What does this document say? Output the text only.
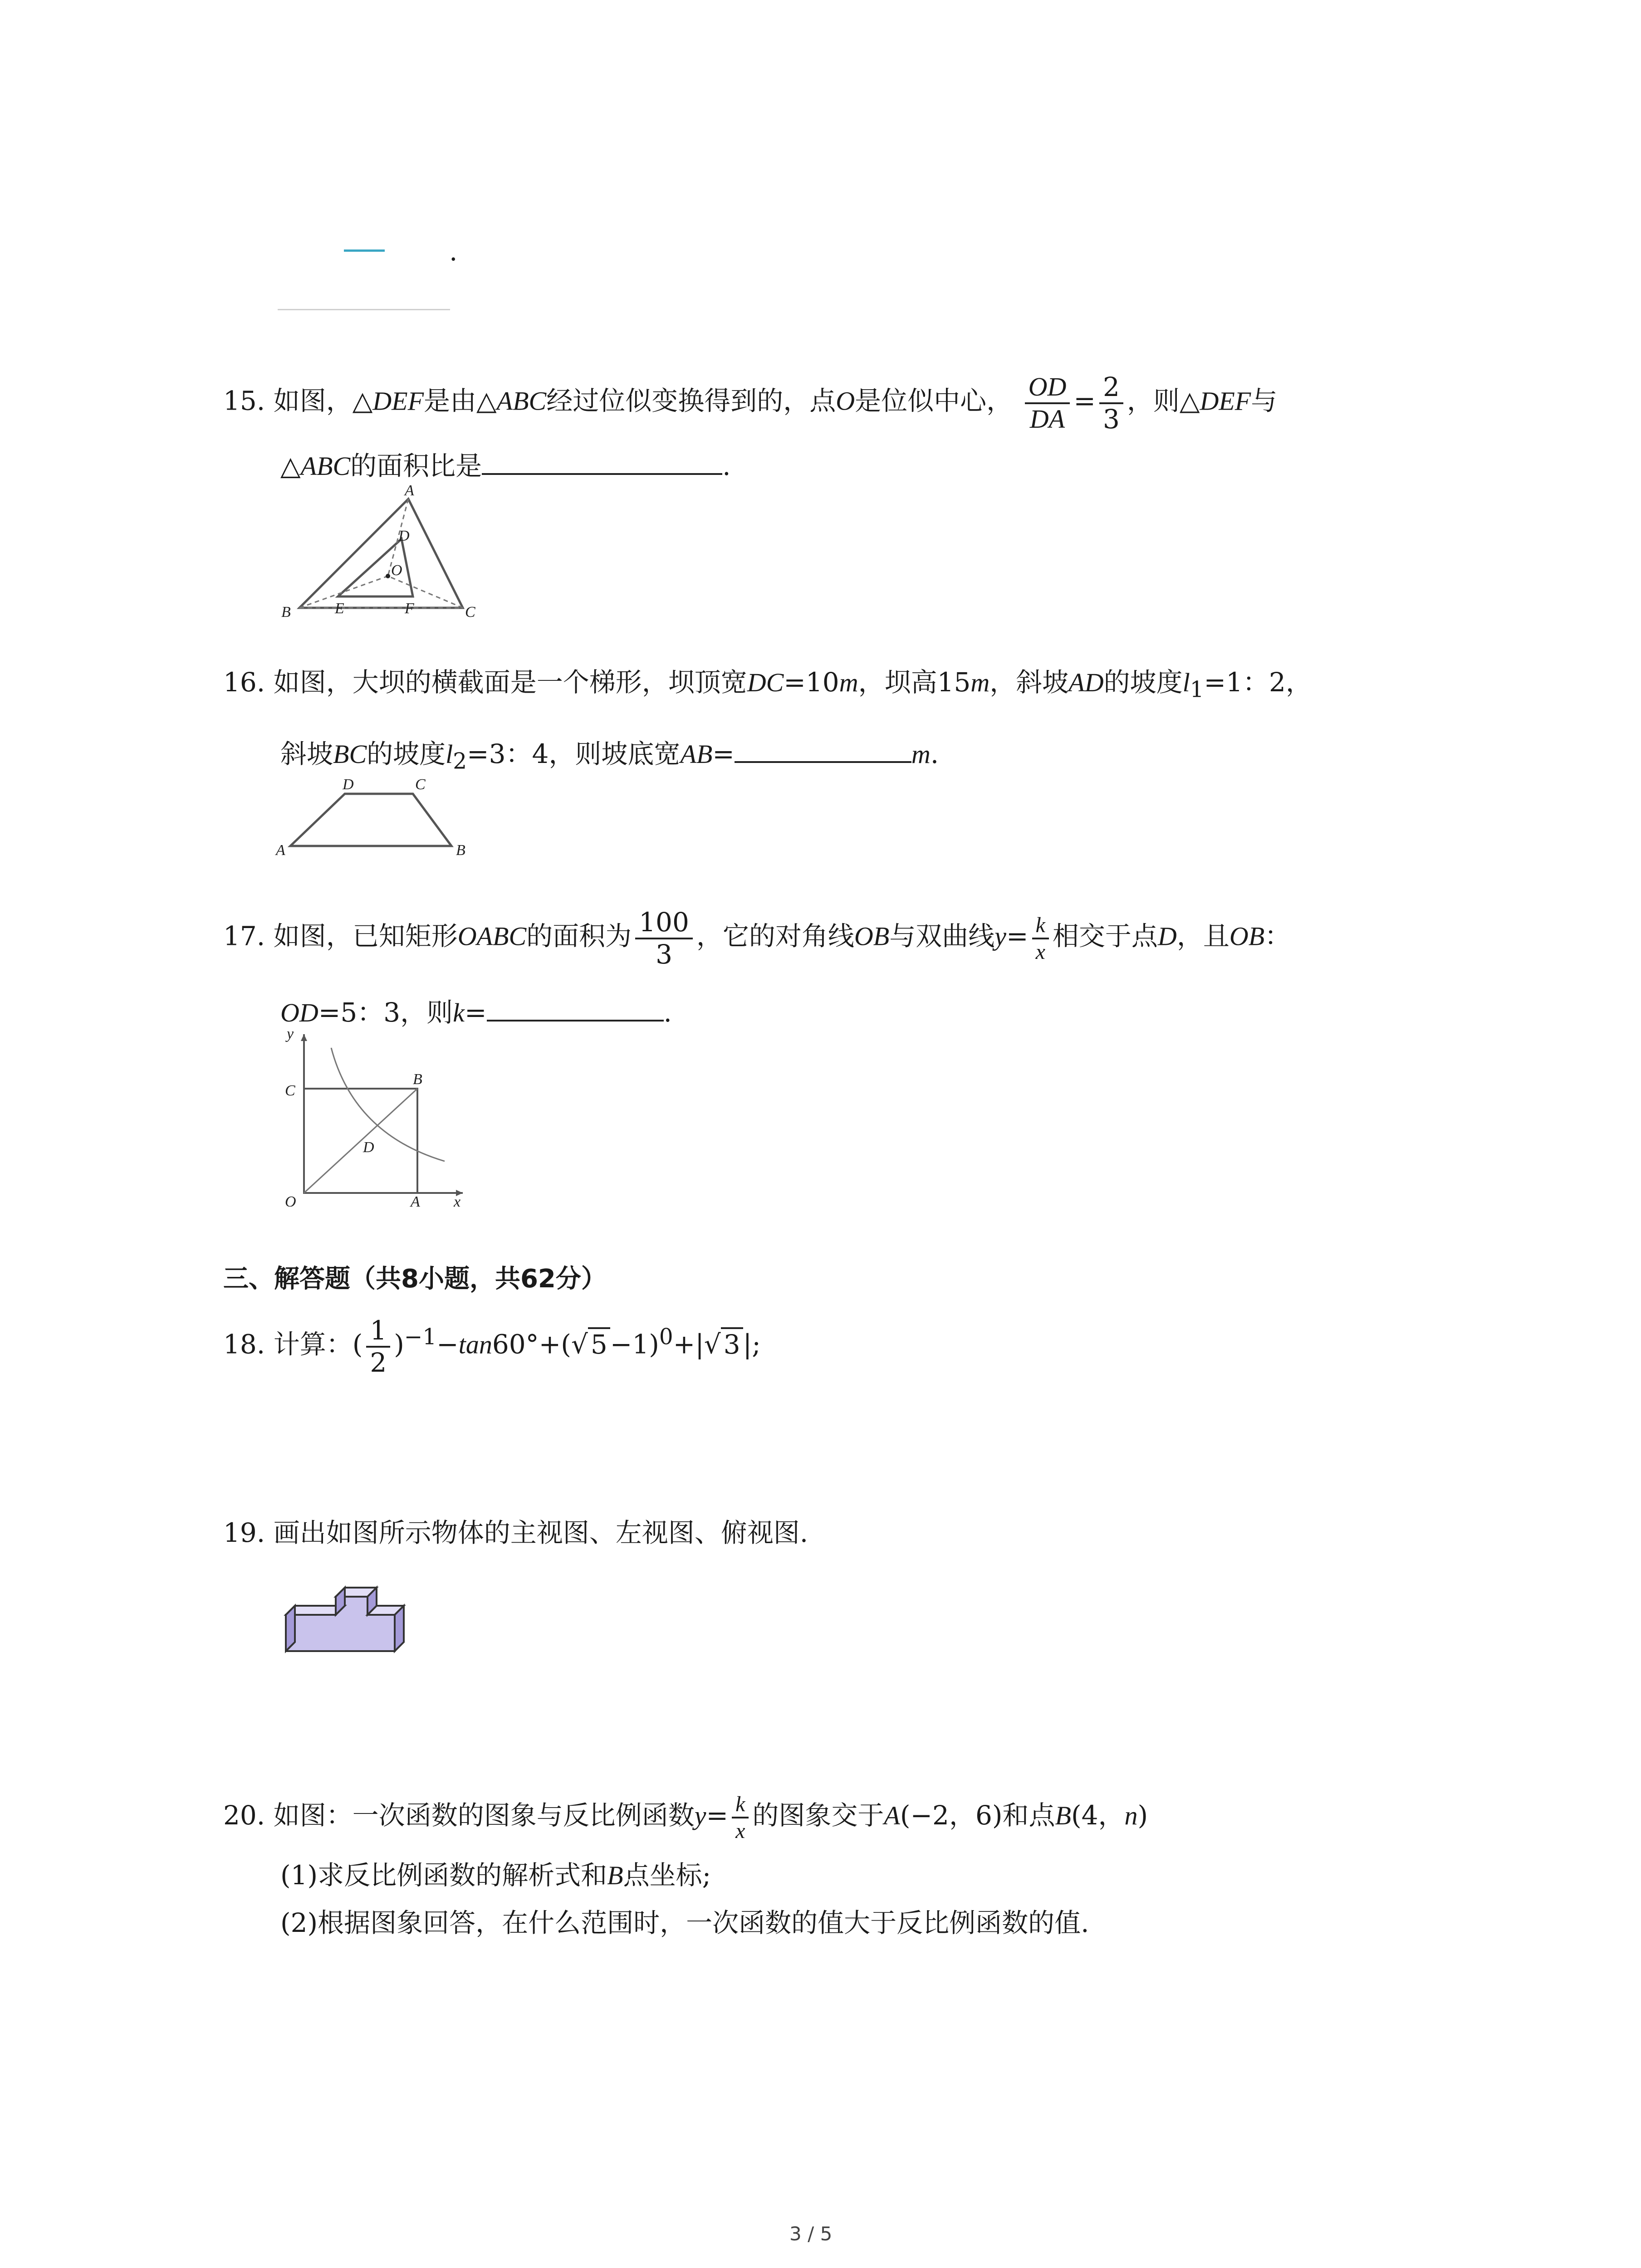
.
15. 如图，△DEF是由△ABC经过位似变换得到的，点O是位似中心， $\frac{OD}{DA} = \frac{2}{3}$ ，则△DEF与
△ABC的面积比是	.
A
B	C
D
E	F
O
16. 如图，大坝的横截面是一个梯形，坝顶宽DC=10m，坝高15m，斜坡AD的坡度$l_1=1$：2，
斜坡BC的坡度$l_2=3$：4，则坡底宽AB=	m.
D	C
A	B
17. 如图，已知矩形OABC的面积为 $\frac{100}{3}$ ，它的对角线OB与双曲线$y= \frac{k}{x}$ 相交于点D，且OB：
OD=5：3，则k=	.
y
x
O	A
B
C
D
三、解答题（共8小题，共62分）
18. 计算：( $\frac{1}{2} )^{-1}-\tan 60^\circ+(√$ 5 −1)$^0$+|√ 3 |;
19. 画出如图所示物体的主视图、左视图、俯视图.
20. 如图：一次函数的图象与反比例函数$y= \frac{k}{x}$ 的图象交于A(−2，6)和点B(4，n)
(1)求反比例函数的解析式和B点坐标;
(2)根据图象回答，在什么范围时，一次函数的值大于反比例函数的值.
3 / 5
